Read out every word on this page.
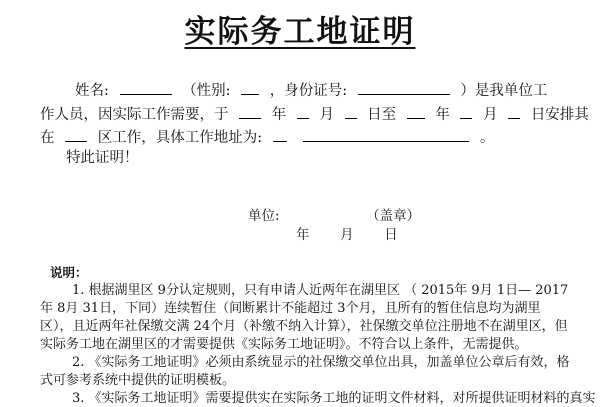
实际务工地证明
姓名:	（性别:	，身份证号:	）是我单位工
作人员，因实际工作需要，于	年 月 日至	年 月 日安排其
在	区工作，具体工作地址为:	。
特此证明！
单位:	（盖章）
年 月 日
说明：
1. 根据湖里区 9分认定规则，只有申请人近两年在湖里区 （ 2015年 9月 1日— 2017
年 8月 31日，下同）连续暂住（间断累计不能超过 3个月，且所有的暂住信息均为湖里
区），且近两年社保缴交满 24个月（补缴不纳入计算），社保缴交单位注册地不在湖里区，但
实际务工地在湖里区的才需要提供《实际务工地证明》。不符合以上条件，无需提供。
2. 《实际务工地证明》必须由系统显示的社保缴交单位出具，加盖单位公章后有效，格
式可参考系统中提供的证明模板。
3. 《实际务工地证明》需要提供实在实际务工地的证明文件材料，对所提供证明材料的真实
